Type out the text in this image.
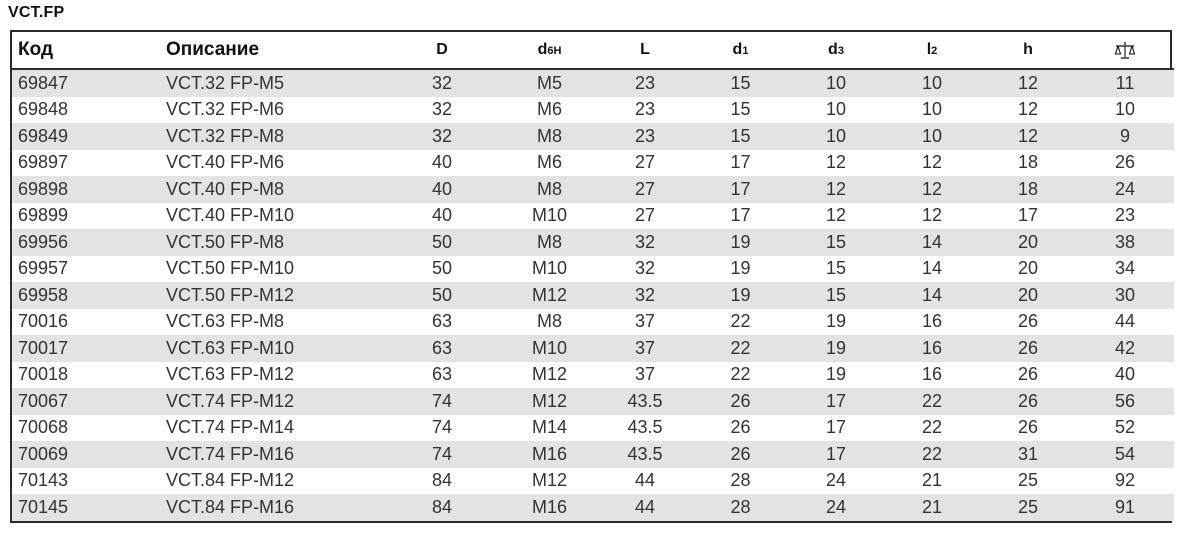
VCT.FP
Код	Описание	D	d6H	L	d1	d3	l2	h	
69847	VCT.32 FP-M5	32	M5	23	15	10	10	12	11
69848	VCT.32 FP-M6	32	M6	23	15	10	10	12	10
69849	VCT.32 FP-M8	32	M8	23	15	10	10	12	9
69897	VCT.40 FP-M6	40	M6	27	17	12	12	18	26
69898	VCT.40 FP-M8	40	M8	27	17	12	12	18	24
69899	VCT.40 FP-M10	40	M10	27	17	12	12	17	23
69956	VCT.50 FP-M8	50	M8	32	19	15	14	20	38
69957	VCT.50 FP-M10	50	M10	32	19	15	14	20	34
69958	VCT.50 FP-M12	50	M12	32	19	15	14	20	30
70016	VCT.63 FP-M8	63	M8	37	22	19	16	26	44
70017	VCT.63 FP-M10	63	M10	37	22	19	16	26	42
70018	VCT.63 FP-M12	63	M12	37	22	19	16	26	40
70067	VCT.74 FP-M12	74	M12	43.5	26	17	22	26	56
70068	VCT.74 FP-M14	74	M14	43.5	26	17	22	26	52
70069	VCT.74 FP-M16	74	M16	43.5	26	17	22	31	54
70143	VCT.84 FP-M12	84	M12	44	28	24	21	25	92
70145	VCT.84 FP-M16	84	M16	44	28	24	21	25	91
